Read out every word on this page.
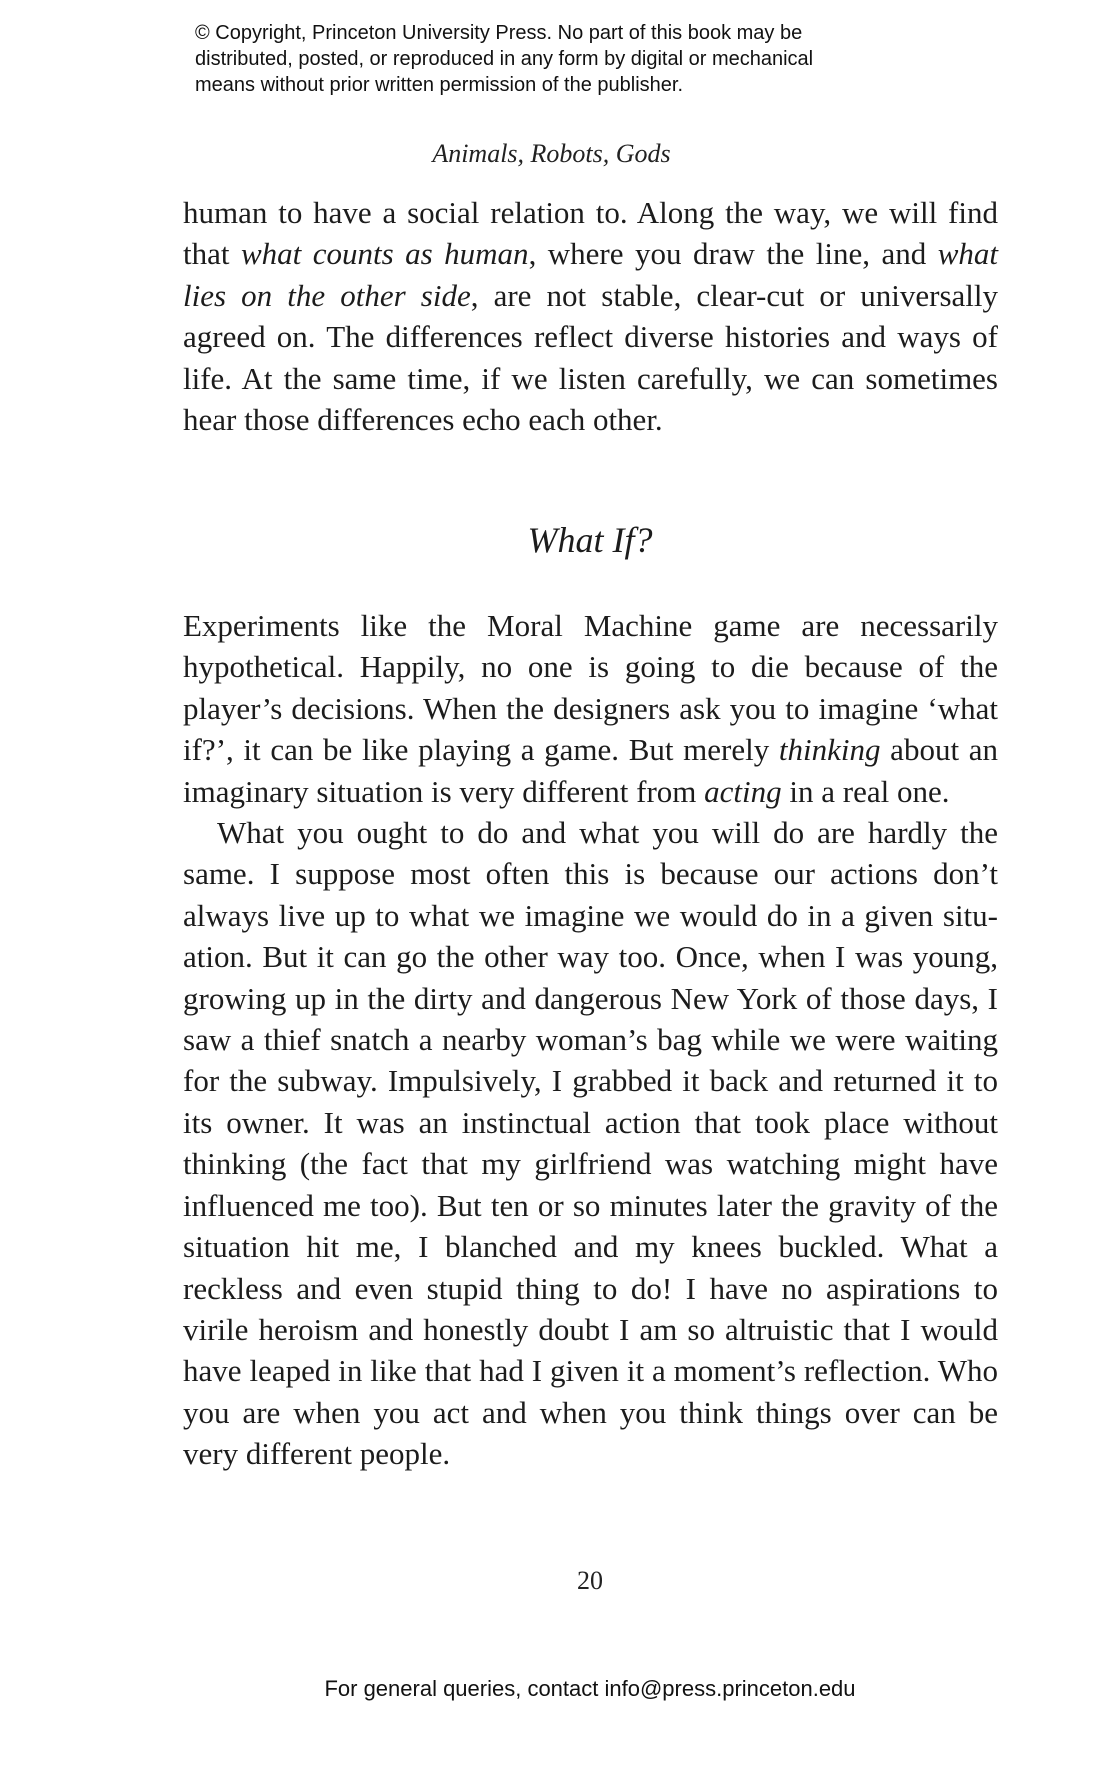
© Copyright, Princeton University Press. No part of this book may be

distributed, posted, or reproduced in any form by digital or mechanical

means without prior written permission of the publisher.

Animals, Robots, Gods

human to have a social relation to. Along the way, we will find that what counts as human, where you draw the line, and what lies on the other side, are not stable, clear-cut or universally agreed on. The differences reflect diverse histories and ways of life. At the same time, if we listen carefully, we can sometimes hear those differences echo each other.

What If?

Experiments like the Moral Machine game are necessarily hypothetical. Happily, no one is going to die because of the player’s decisions. When the designers ask you to imagine ‘what if?’, it can be like playing a game. But merely thinking about an imaginary situation is very different from acting in a real one.

What you ought to do and what you will do are hardly the same. I suppose most often this is because our actions don’t always live up to what we imagine we would do in a given situation. But it can go the other way too. Once, when I was young, growing up in the dirty and dangerous New York of those days, I saw a thief snatch a nearby woman’s bag while we were waiting for the subway. Impulsively, I grabbed it back and returned it to its owner. It was an instinctual action that took place without thinking (the fact that my girlfriend was watching might have influenced me too). But ten or so minutes later the gravity of the situation hit me, I blanched and my knees buckled. What a reckless and even stupid thing to do! I have no aspirations to virile heroism and honestly doubt I am so altruistic that I would have leaped in like that had I given it a moment’s reflection. Who you are when you act and when you think things over can be very different people.

20
For general queries, contact info@press.princeton.edu
